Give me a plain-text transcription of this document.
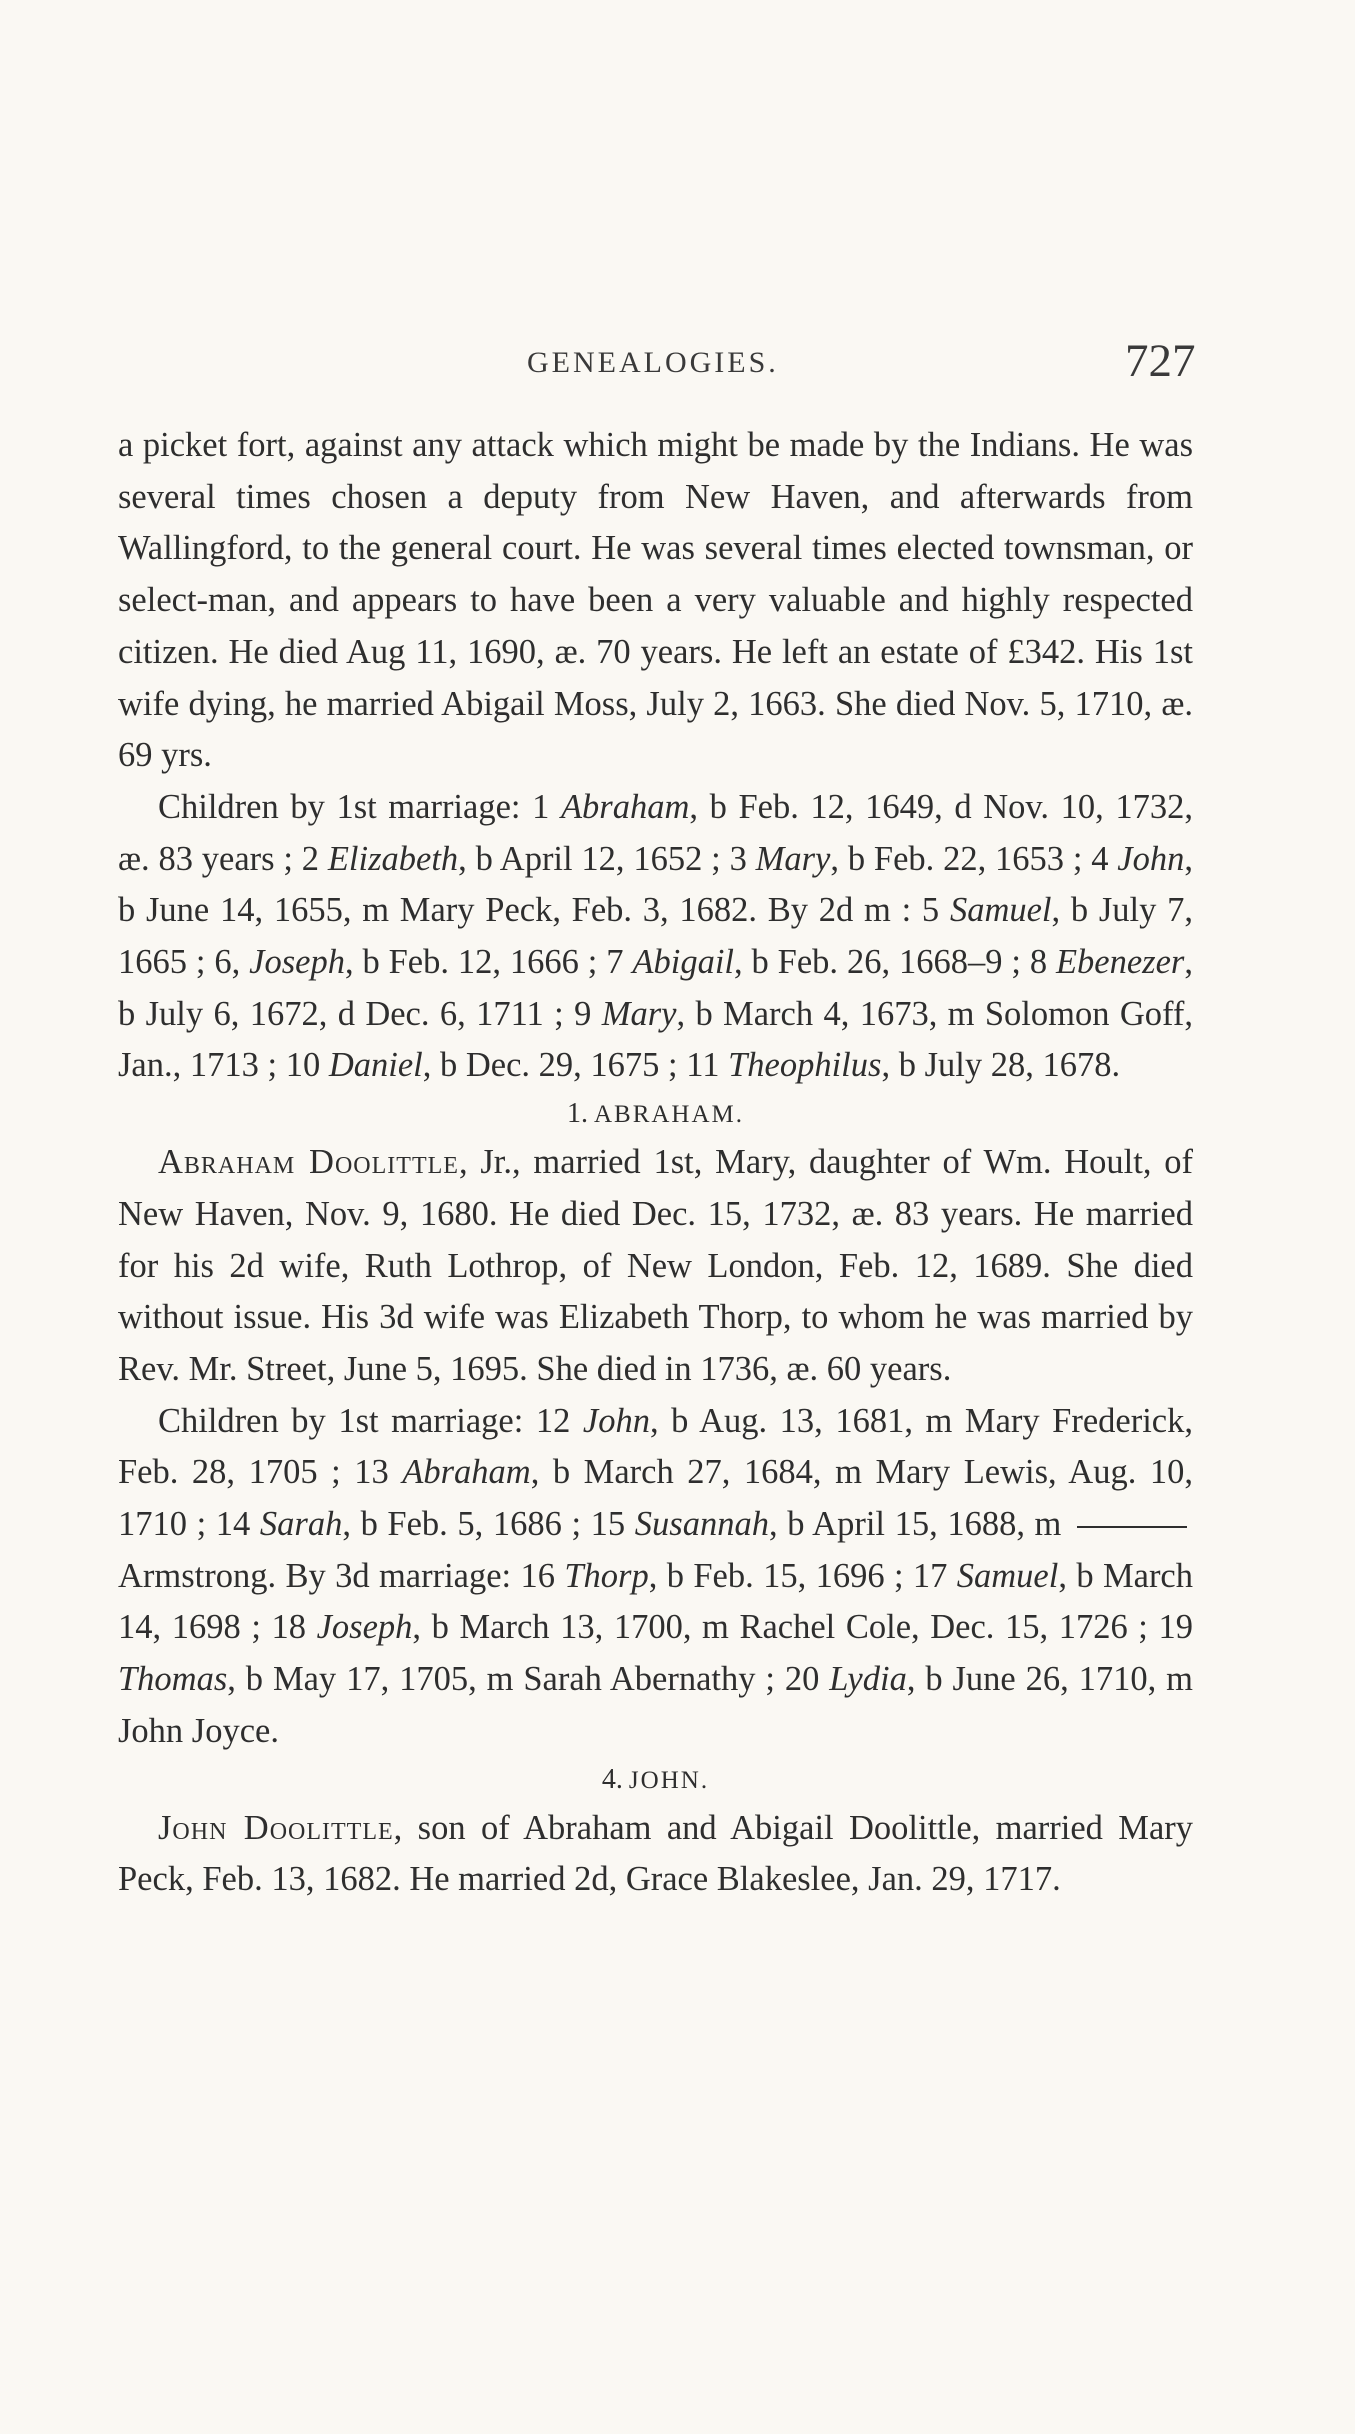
GENEALOGIES.	727

a picket fort, against any attack which might be made by the Indians. He was several times chosen a deputy from New Haven, and afterwards from Wallingford, to the general court. He was several times elected townsman, or select-man, and appears to have been a very valuable and highly respected citizen. He died Aug 11, 1690, æ. 70 years. He left an estate of £342. His 1st wife dying, he married Abigail Moss, July 2, 1663. She died Nov. 5, 1710, æ. 69 yrs.

Children by 1st marriage: 1 Abraham, b Feb. 12, 1649, d Nov. 10, 1732, æ. 83 years ; 2 Elizabeth, b April 12, 1652 ; 3 Mary, b Feb. 22, 1653 ; 4 John, b June 14, 1655, m Mary Peck, Feb. 3, 1682. By 2d m : 5 Samuel, b July 7, 1665 ; 6, Joseph, b Feb. 12, 1666 ; 7 Abigail, b Feb. 26, 1668–9 ; 8 Ebenezer, b July 6, 1672, d Dec. 6, 1711 ; 9 Mary, b March 4, 1673, m Solomon Goff, Jan., 1713 ; 10 Daniel, b Dec. 29, 1675 ; 11 Theophilus, b July 28, 1678.

1. ABRAHAM.

Abraham Doolittle, Jr., married 1st, Mary, daughter of Wm. Hoult, of New Haven, Nov. 9, 1680. He died Dec. 15, 1732, æ. 83 years. He married for his 2d wife, Ruth Lothrop, of New London, Feb. 12, 1689. She died without issue. His 3d wife was Elizabeth Thorp, to whom he was married by Rev. Mr. Street, June 5, 1695. She died in 1736, æ. 60 years.

Children by 1st marriage: 12 John, b Aug. 13, 1681, m Mary Frederick, Feb. 28, 1705 ; 13 Abraham, b March 27, 1684, m Mary Lewis, Aug. 10, 1710 ; 14 Sarah, b Feb. 5, 1686 ; 15 Susannah, b April 15, 1688, m  Armstrong. By 3d marriage: 16 Thorp, b Feb. 15, 1696 ; 17 Samuel, b March 14, 1698 ; 18 Joseph, b March 13, 1700, m Rachel Cole, Dec. 15, 1726 ; 19 Thomas, b May 17, 1705, m Sarah Abernathy ; 20 Lydia, b June 26, 1710, m John Joyce.

4. JOHN.

John Doolittle, son of Abraham and Abigail Doolittle, married Mary Peck, Feb. 13, 1682. He married 2d, Grace Blakeslee, Jan. 29, 1717.
